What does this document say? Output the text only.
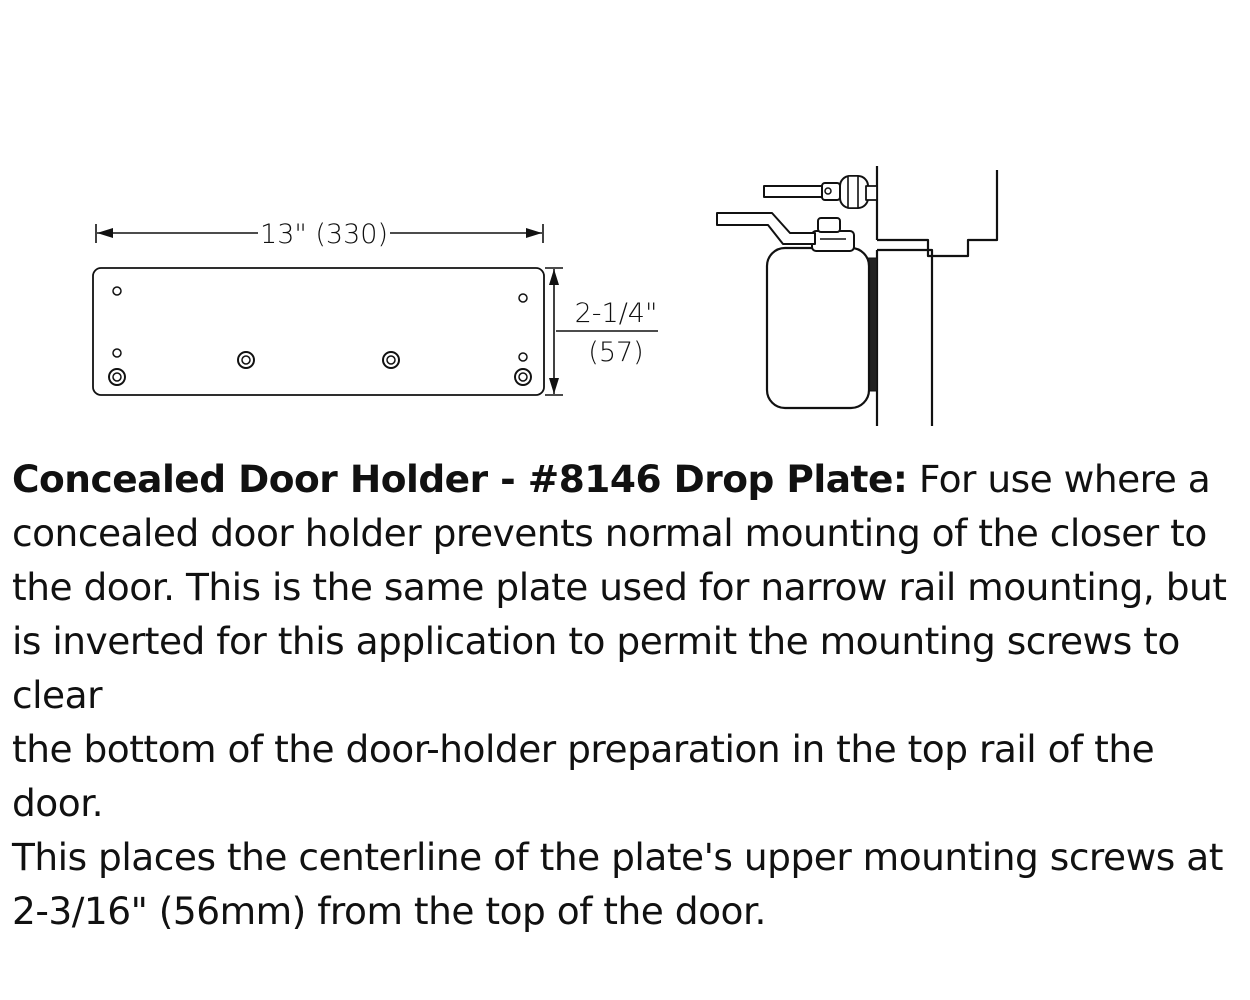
13" (330)
2-1/4"
(57)

Concealed Door Holder - #8146 Drop Plate: For use where a
concealed door holder prevents normal mounting of the closer to
the door. This is the same plate used for narrow rail mounting, but
is inverted for this application to permit the mounting screws to clear
the bottom of the door-holder preparation in the top rail of the door.
This places the centerline of the plate's upper mounting screws at
2-3/16" (56mm) from the top of the door.
